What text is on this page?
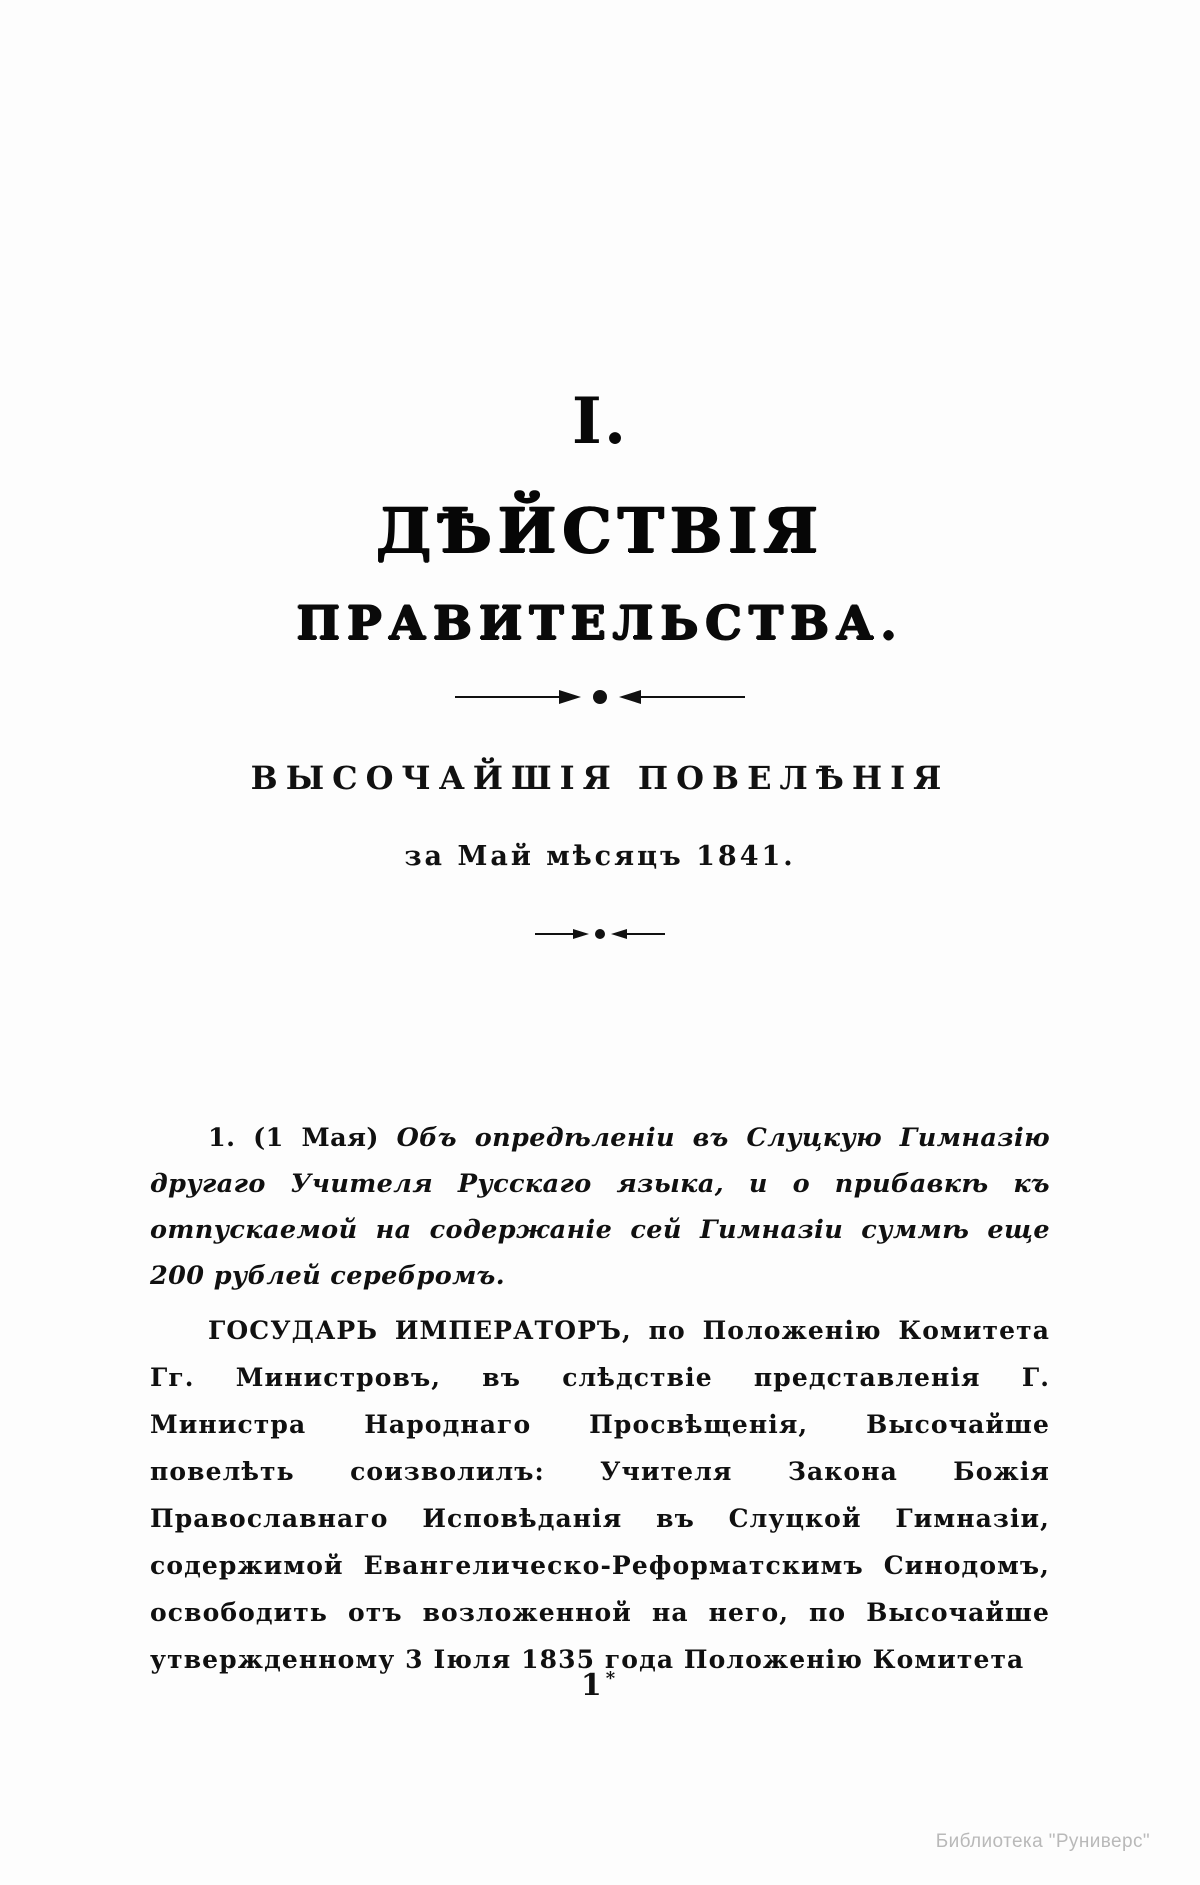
I.
ДѢЙСТВІЯ
ПРАВИТЕЛЬСТВА.
ВЫСОЧАЙШІЯ ПОВЕЛѢНІЯ
за Май мѣсяцъ 1841.

1. (1 Мая) Объ опредѣленіи въ Слуцкую Гимназію другаго Учителя Русскаго языка, и о прибавкѣ къ отпускаемой на содержаніе сей Гимназіи суммѣ еще 200 рублей серебромъ.

ГОСУДАРЬ ИМПЕРАТОРЪ, по Положенію Комитета Гг. Министровъ, въ слѣдствіе представленія Г. Министра Народнаго Просвѣщенія, Высочайше повелѣть соизволилъ: Учителя Закона Божія Православнаго Исповѣданія въ Слуцкой Гимназіи, содержимой Евангелическо-Реформатскимъ Синодомъ, освободить отъ возложенной на него, по Высочайше утвержденному 3 Іюля 1835 года Положенію Комитета

1*
Библиотека "Руниверс"
